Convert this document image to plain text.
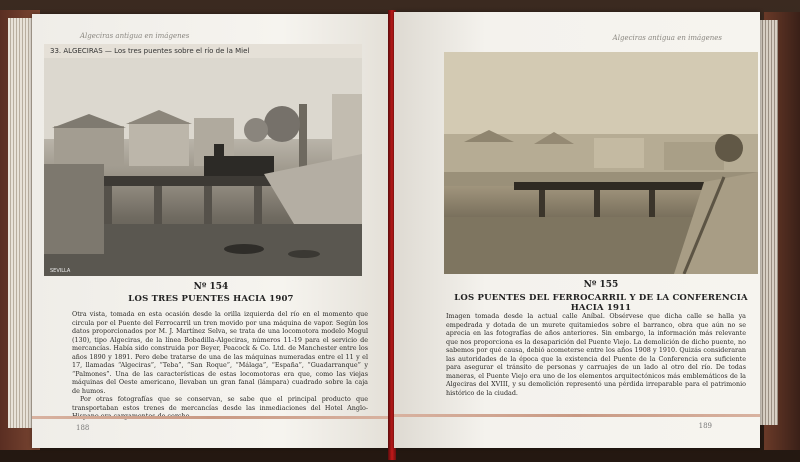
Algeciras antigua en imágenes
33. ALGECIRAS — Los tres puentes sobre el río de la Miel
SEVILLA
Nº 154
LOS TRES PUENTES HACIA 1907

Otra vista, tomada en esta ocasión desde la orilla izquierda del río en el momento que circula por el Puente del Ferrocarril un tren movido por una máquina de vapor. Según los datos proporcionados por M. J. Martínez Selva, se trata de una locomotora modelo Mogul (130), tipo Algeciras, de la línea Bobadilla-Algeciras, números 11-19 para el servicio de mercancías. Había sido construida por Beyer, Peacock & Co. Ltd. de Manchester entre los años 1890 y 1891. Pero debe tratarse de una de las máquinas numeradas entre el 11 y el 17, llamadas “Algeciras”, “Teba”, “San Roque”, “Málaga”, “España”, “Guadarranque” y “Palmones”. Una de las características de estas locomotoras era que, como las viejas máquinas del Oeste americano, llevaban un gran fanal (lámpara) cuadrado sobre la caja de humos.

Por otras fotografías que se conservan, se sabe que el principal producto que transportaban estos trenes de mercancías desde las inmediaciones del Hotel Anglo-

188
Algeciras antigua en imágenes
Nº 155
LOS PUENTES DEL FERROCARRIL Y DE LA CONFERENCIA HACIA 1911

Imagen tomada desde la actual calle Aníbal. Obsérvese que dicha calle se halla ya empedrada y dotada de un murete quitamiedos sobre el barranco, obra que aún no se aprecia en las fotografías de años anteriores. Sin embargo, la información más relevante que nos proporciona es la desaparición del Puente Viejo. La demolición de dicho puente, no sabemos por qué causa, debió acometerse entre los años 1908 y 1910. Quizás consideraran las autoridades de la época que la existencia del Puente de la Conferencia era suficiente para asegurar el tránsito de personas y carruajes de un lado al otro del río. De todas maneras, el Puente Viejo era uno de los elementos arquitectónicos más emblemáticos de la Algeciras del XVIII, y su demolición representó una pérdida irreparable para el patrimonio histórico de la ciudad.

189
